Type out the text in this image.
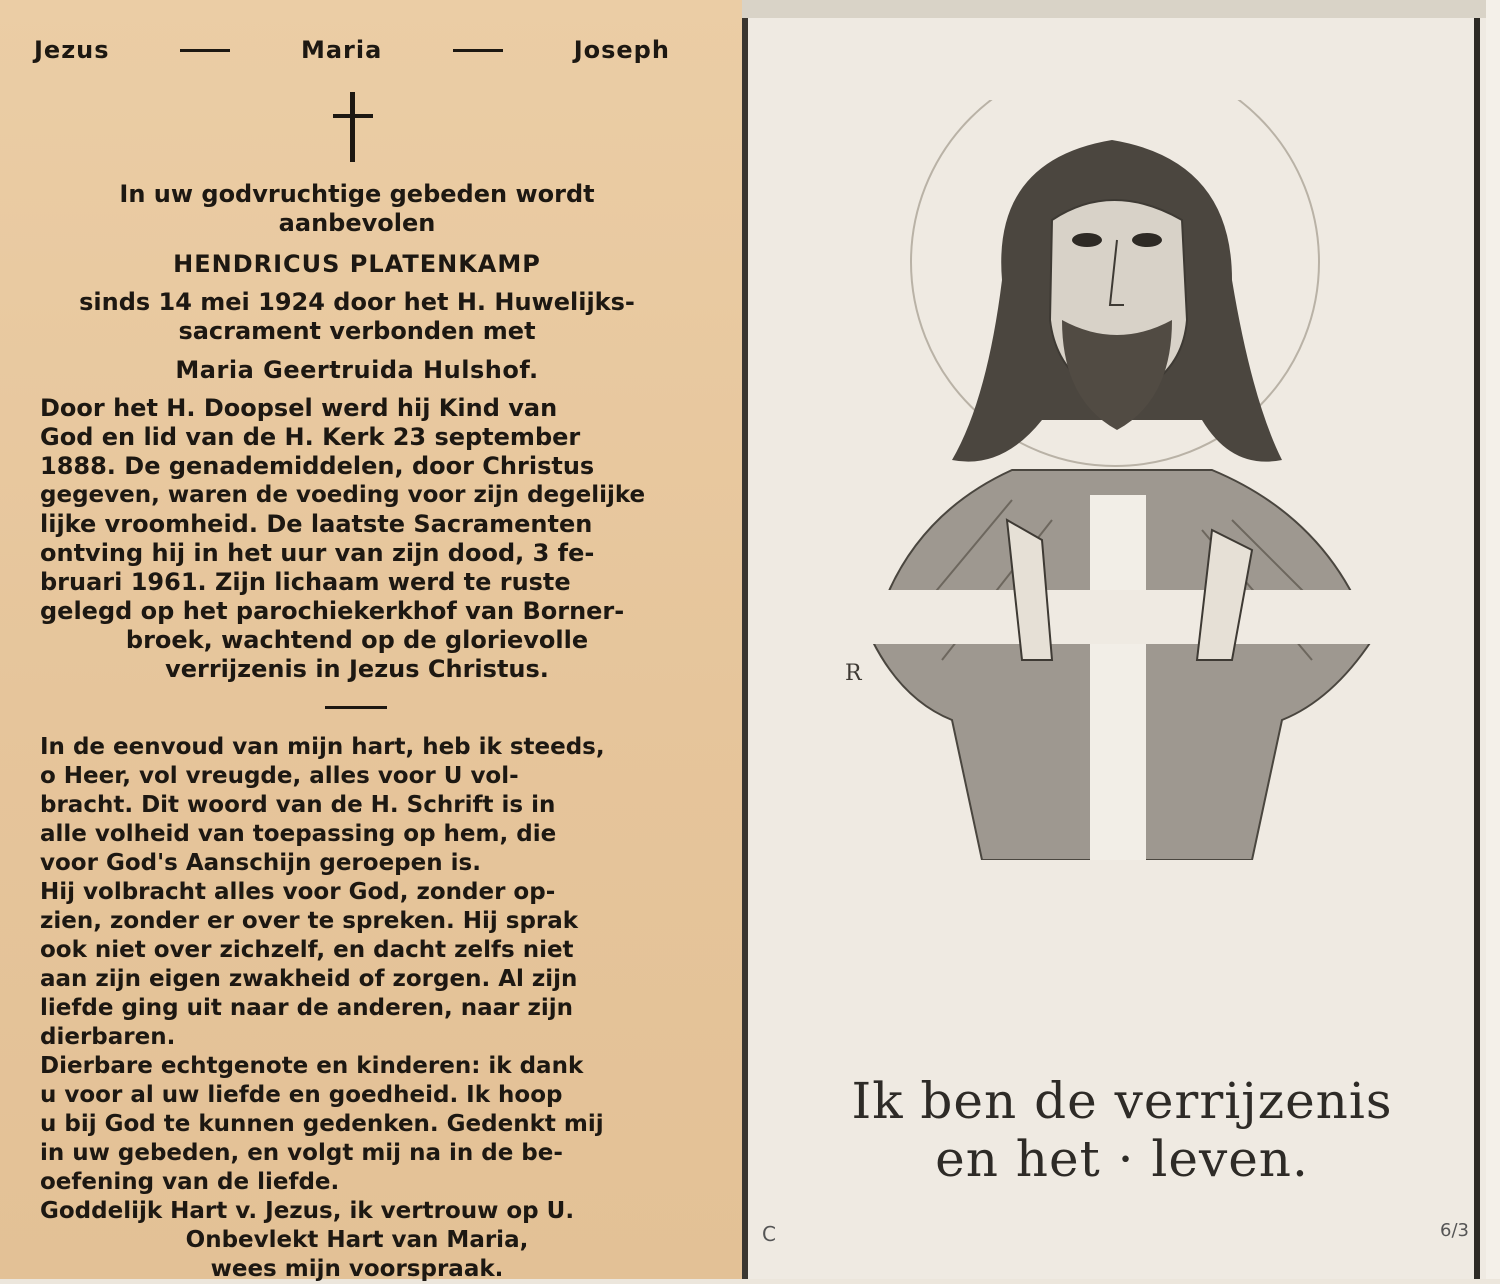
Jezus	Maria	Joseph
In uw godvruchtige gebeden wordt
aanbevolen
HENDRICUS PLATENKAMP
sinds 14 mei 1924 door het H. Huwelijks-
sacrament verbonden met
Maria Geertruida Hulshof.
Door het H. Doopsel werd hij Kind van
God en lid van de H. Kerk 23 september
1888. De genademiddelen, door Christus
gegeven, waren de voeding voor zijn degelijke
lijke vroomheid. De laatste Sacramenten
ontving hij in het uur van zijn dood, 3 fe-
bruari 1961. Zijn lichaam werd te ruste
gelegd op het parochiekerkhof van Borner-
broek, wachtend op de glorievolle
verrijzenis in Jezus Christus.
In de eenvoud van mijn hart, heb ik steeds,
o Heer, vol vreugde, alles voor U vol-
bracht. Dit woord van de H. Schrift is in
alle volheid van toepassing op hem, die
voor God's Aanschijn geroepen is.
Hij volbracht alles voor God, zonder op-
zien, zonder er over te spreken. Hij sprak
ook niet over zichzelf, en dacht zelfs niet
aan zijn eigen zwakheid of zorgen. Al zijn
liefde ging uit naar de anderen, naar zijn
dierbaren.
Dierbare echtgenote en kinderen: ik dank
u voor al uw liefde en goedheid. Ik hoop
u bij God te kunnen gedenken. Gedenkt mij
in uw gebeden, en volgt mij na in de be-
oefening van de liefde.
Goddelijk Hart v. Jezus, ik vertrouw op U.
Onbevlekt Hart van Maria,
wees mijn voorspraak.
R
Ik ben de verrijzenis
en het · leven.
C	6/3
